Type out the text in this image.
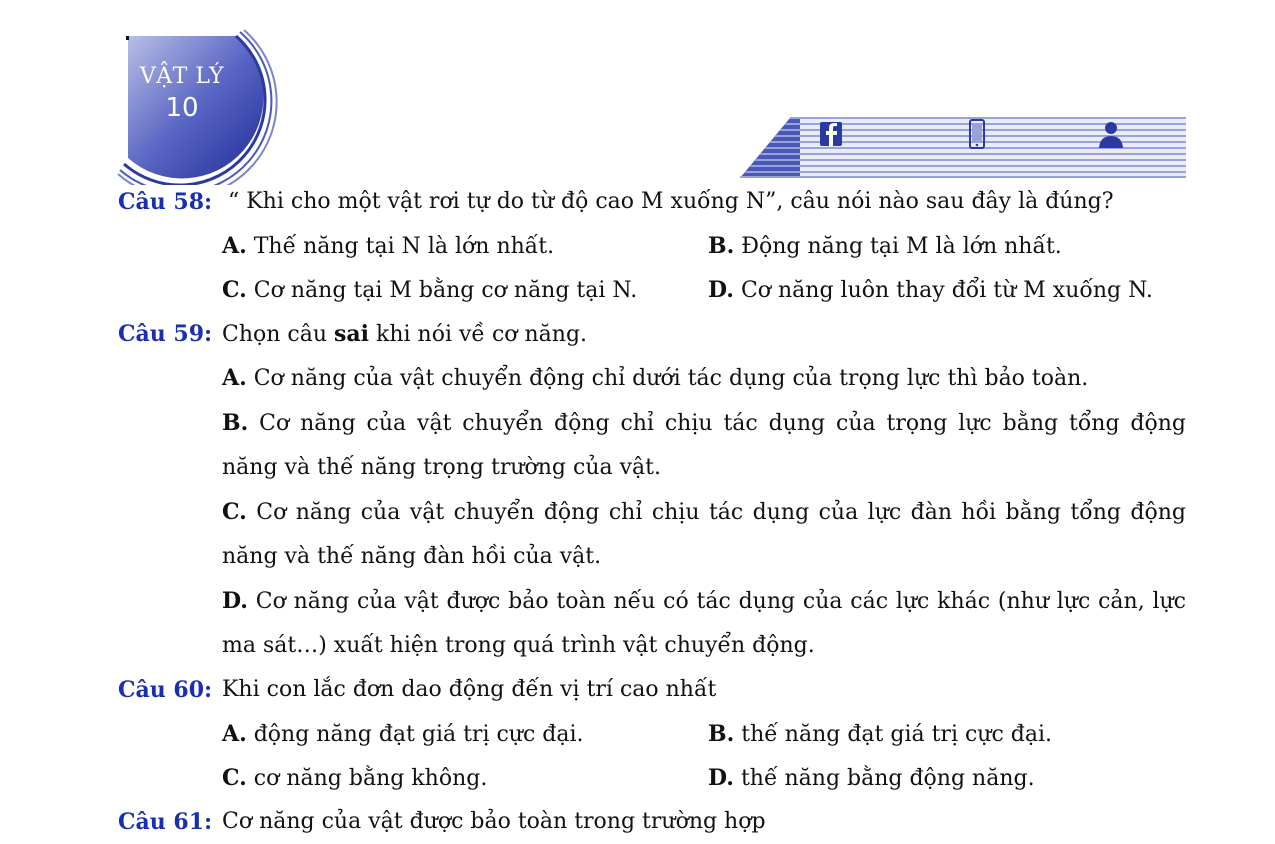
VẬT LÝ
10
Câu 58: “ Khi cho một vật rơi tự do từ độ cao M xuống N”, câu nói nào sau đây là đúng?
A. Thế năng tại N là lớn nhất.	B. Động năng tại M là lớn nhất.
C. Cơ năng tại M bằng cơ năng tại N.	D. Cơ năng luôn thay đổi từ M xuống N.
Câu 59: Chọn câu sai khi nói về cơ năng.
A. Cơ năng của vật chuyển động chỉ dưới tác dụng của trọng lực thì bảo toàn.
B. Cơ năng của vật chuyển động chỉ chịu tác dụng của trọng lực bằng tổng động năng và thế năng trọng trường của vật.
C. Cơ năng của vật chuyển động chỉ chịu tác dụng của lực đàn hồi bằng tổng động năng và thế năng đàn hồi của vật.
D. Cơ năng của vật được bảo toàn nếu có tác dụng của các lực khác (như lực cản, lực ma sát…) xuất hiện trong quá trình vật chuyển động.
Câu 60: Khi con lắc đơn dao động đến vị trí cao nhất
A. động năng đạt giá trị cực đại.	B. thế năng đạt giá trị cực đại.
C. cơ năng bằng không.	D. thế năng bằng động năng.
Câu 61: Cơ năng của vật được bảo toàn trong trường hợp
